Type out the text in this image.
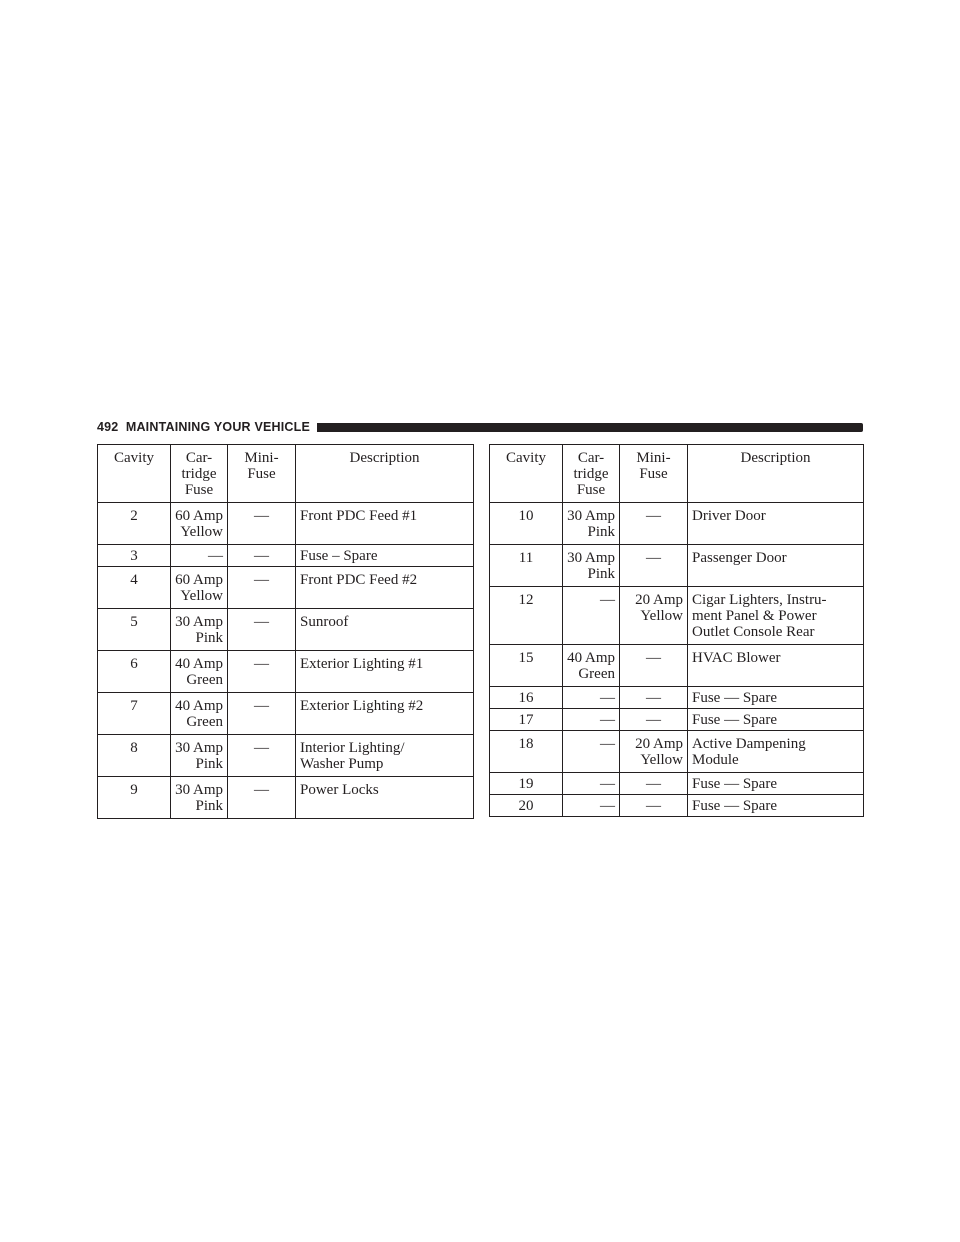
492 MAINTAINING YOUR VEHICLE
Cavity	Car-
tridge
Fuse	Mini-
Fuse	Description
2	60 Amp
Yellow	—	Front PDC Feed #1
3	—	—	Fuse – Spare
4	60 Amp
Yellow	—	Front PDC Feed #2
5	30 Amp
Pink	—	Sunroof
6	40 Amp
Green	—	Exterior Lighting #1
7	40 Amp
Green	—	Exterior Lighting #2
8	30 Amp
Pink	—	Interior Lighting/
Washer Pump
9	30 Amp
Pink	—	Power Locks
Cavity	Car-
tridge
Fuse	Mini-
Fuse	Description
10	30 Amp
Pink	—	Driver Door
11	30 Amp
Pink	—	Passenger Door
12	—	20 Amp
Yellow	Cigar Lighters, Instru-
ment Panel & Power
Outlet Console Rear
15	40 Amp
Green	—	HVAC Blower
16	—	—	Fuse — Spare
17	—	—	Fuse — Spare
18	—	20 Amp
Yellow	Active Dampening
Module
19	—	—	Fuse — Spare
20	—	—	Fuse — Spare
